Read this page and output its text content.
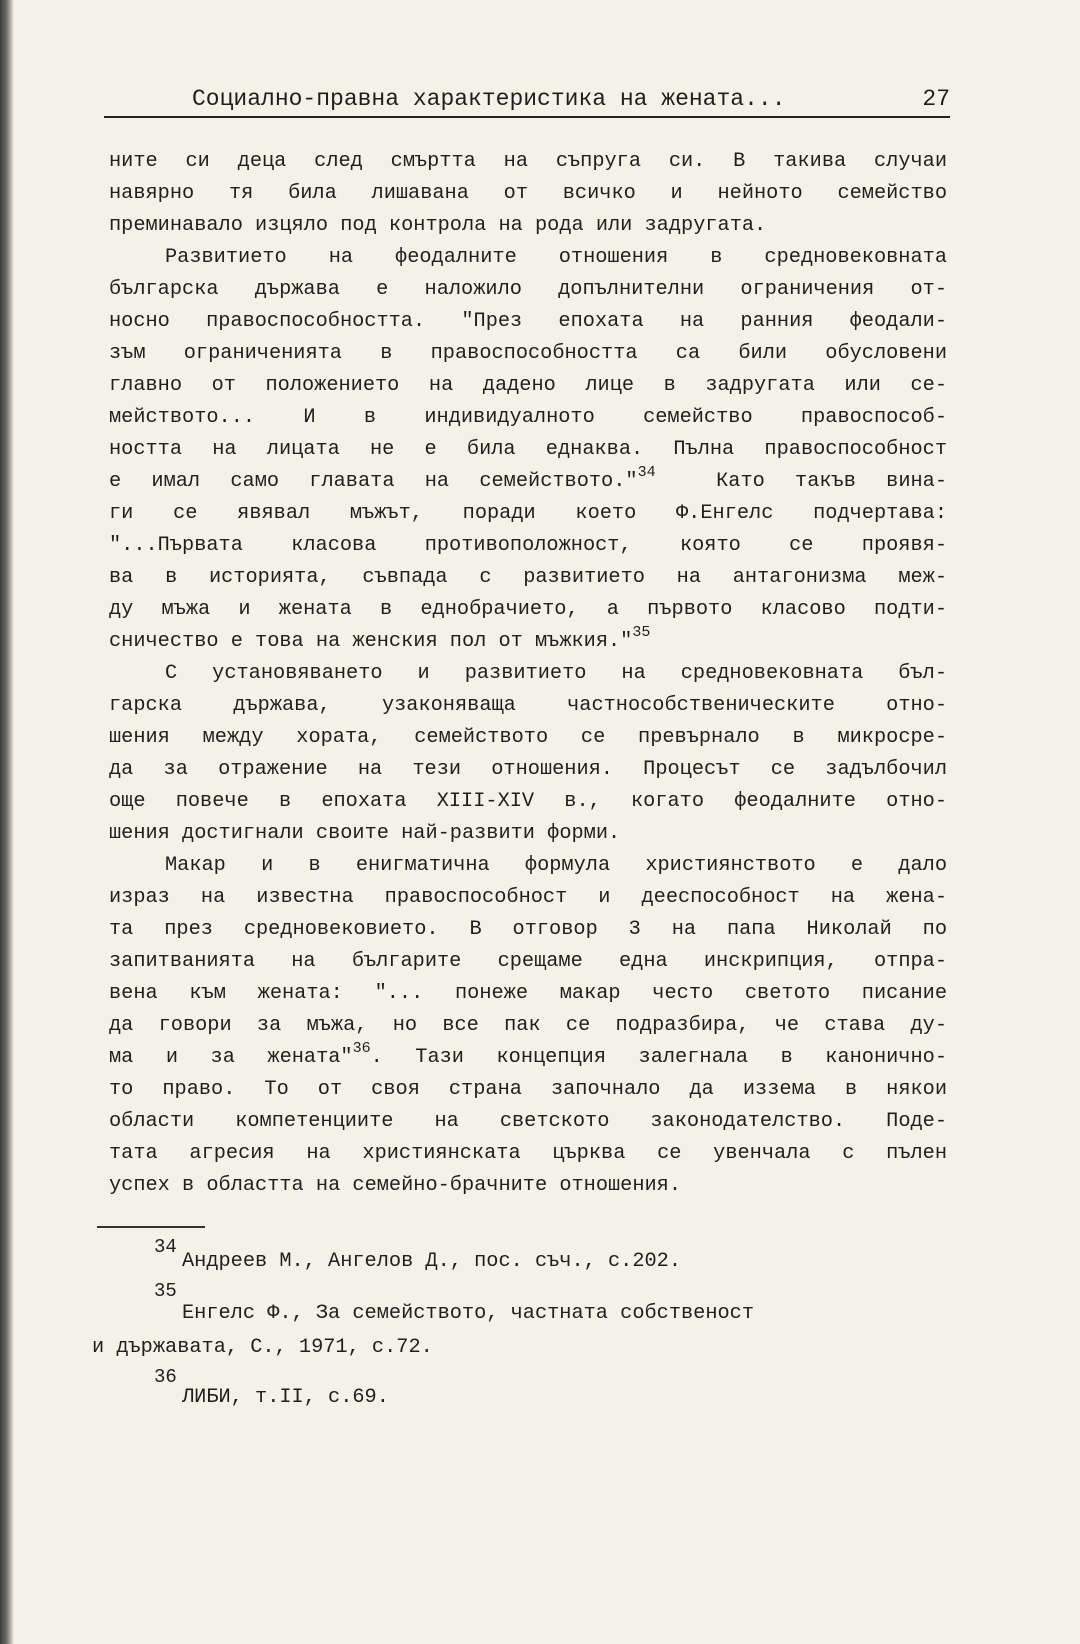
Социално-правна характеристика на жената...	27
ните си деца след смъртта на съпруга си. В такива случаи
навярно тя била лишавана от всичко и нейното семейство
преминавало изцяло под контрола на рода или задругата.
Развитието на феодалните отношения в средновековната
българска държава е наложило допълнителни ограничения от-
носно правоспособността. "През епохата на ранния феодали-
зъм ограниченията в правоспособността са били обусловени
главно от положението на дадено лице в задругата или се-
мейството... И в индивидуалното семейство правоспособ-
ността на лицата не е била еднаква. Пълна правоспособност
е имал само главата на семейството."$^{34}$	Като такъв вина-
ги се явявал мъжът, поради което Ф.Енгелс подчертава:
"...Първата класова противоположност, която се проявя-
ва в историята, съвпада с развитието на антагонизма меж-
ду мъжа и жената в еднобрачието, а първото класово подти-
сничество е това на женския пол от мъжкия."$^{35}$
С установяването и развитието на средновековната бъл-
гарска държава, узаконяваща частнособственическите отно-
шения между хората, семейството се превърнало в микросре-
да за отражение на тези отношения. Процесът се задълбочил
още повече в епохата XIII-XIV в., когато феодалните отно-
шения достигнали своите най-развити форми.
Макар и в енигматична формула християнството е дало
израз на известна правоспособност и дееспособност на жена-
та през средновековието. В отговор 3 на папа Николай по
запитванията на българите срещаме една инскрипция, отпра-
вена към жената: "... понеже макар често светото писание
да говори за мъжа, но все пак се подразбира, че става ду-
ма и за жената"$^{36}$. Тази концепция залегнала в канонично-
то право. То от своя страна започнало да иззема в някои
области компетенциите на светското законодателство. Подe-
тата агресия на християнската църква се увенчала с пълен
успех в областта на семейно-брачните отношения.
34
Андреев М., Ангелов Д., пос. съч., с.202.
35
Енгелс Ф., За семейството, частната собственост
и държавата, С., 1971, с.72.
36
ЛИБИ, т.II, с.69.
